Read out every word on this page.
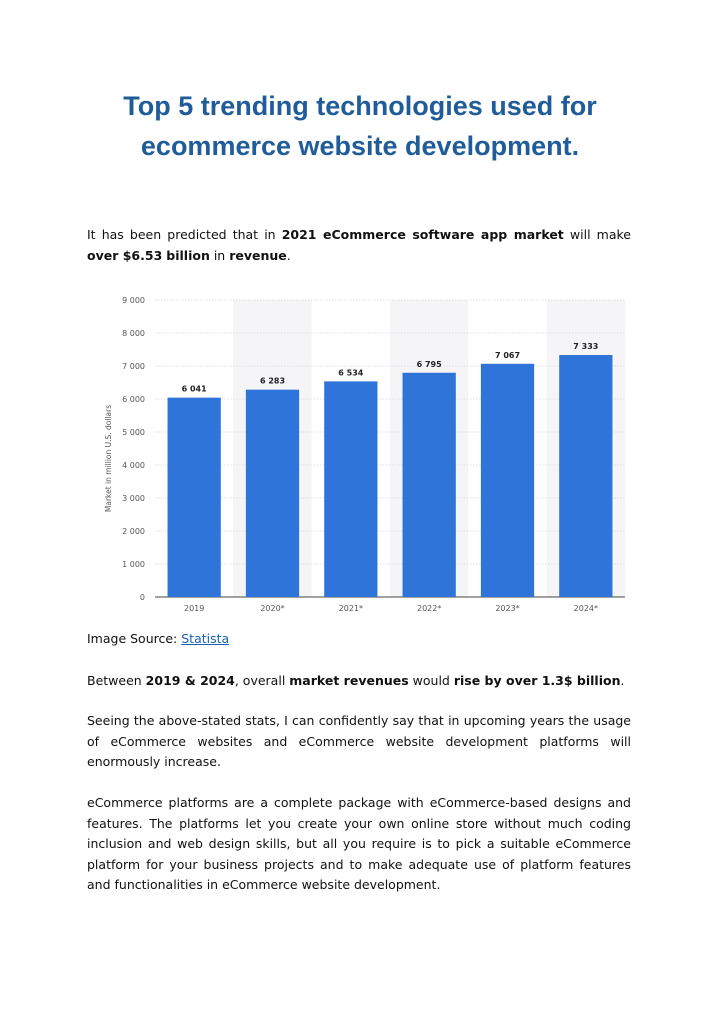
Top 5 trending technologies used for
ecommerce website development.
It has been predicted that in 2021 eCommerce software app market will make over $6.53 billion in revenue.
0
1 000
2 000
3 000
4 000
5 000
6 000
7 000
8 000
9 000
6 041
6 283
6 534
6 795
7 067
7 333
2019	2020*	2021*	2022*	2023*	2024*
Market in million U.S. dollars
Image Source: Statista
Between 2019 & 2024, overall market revenues would rise by over 1.3$ billion.
Seeing the above-stated stats, I can confidently say that in upcoming years the usage of eCommerce websites and eCommerce website development platforms will enormously increase.
eCommerce platforms are a complete package with eCommerce-based designs and features. The platforms let you create your own online store without much coding inclusion and web design skills, but all you require is to pick a suitable eCommerce platform for your business projects and to make adequate use of platform features and functionalities in eCommerce website development.
